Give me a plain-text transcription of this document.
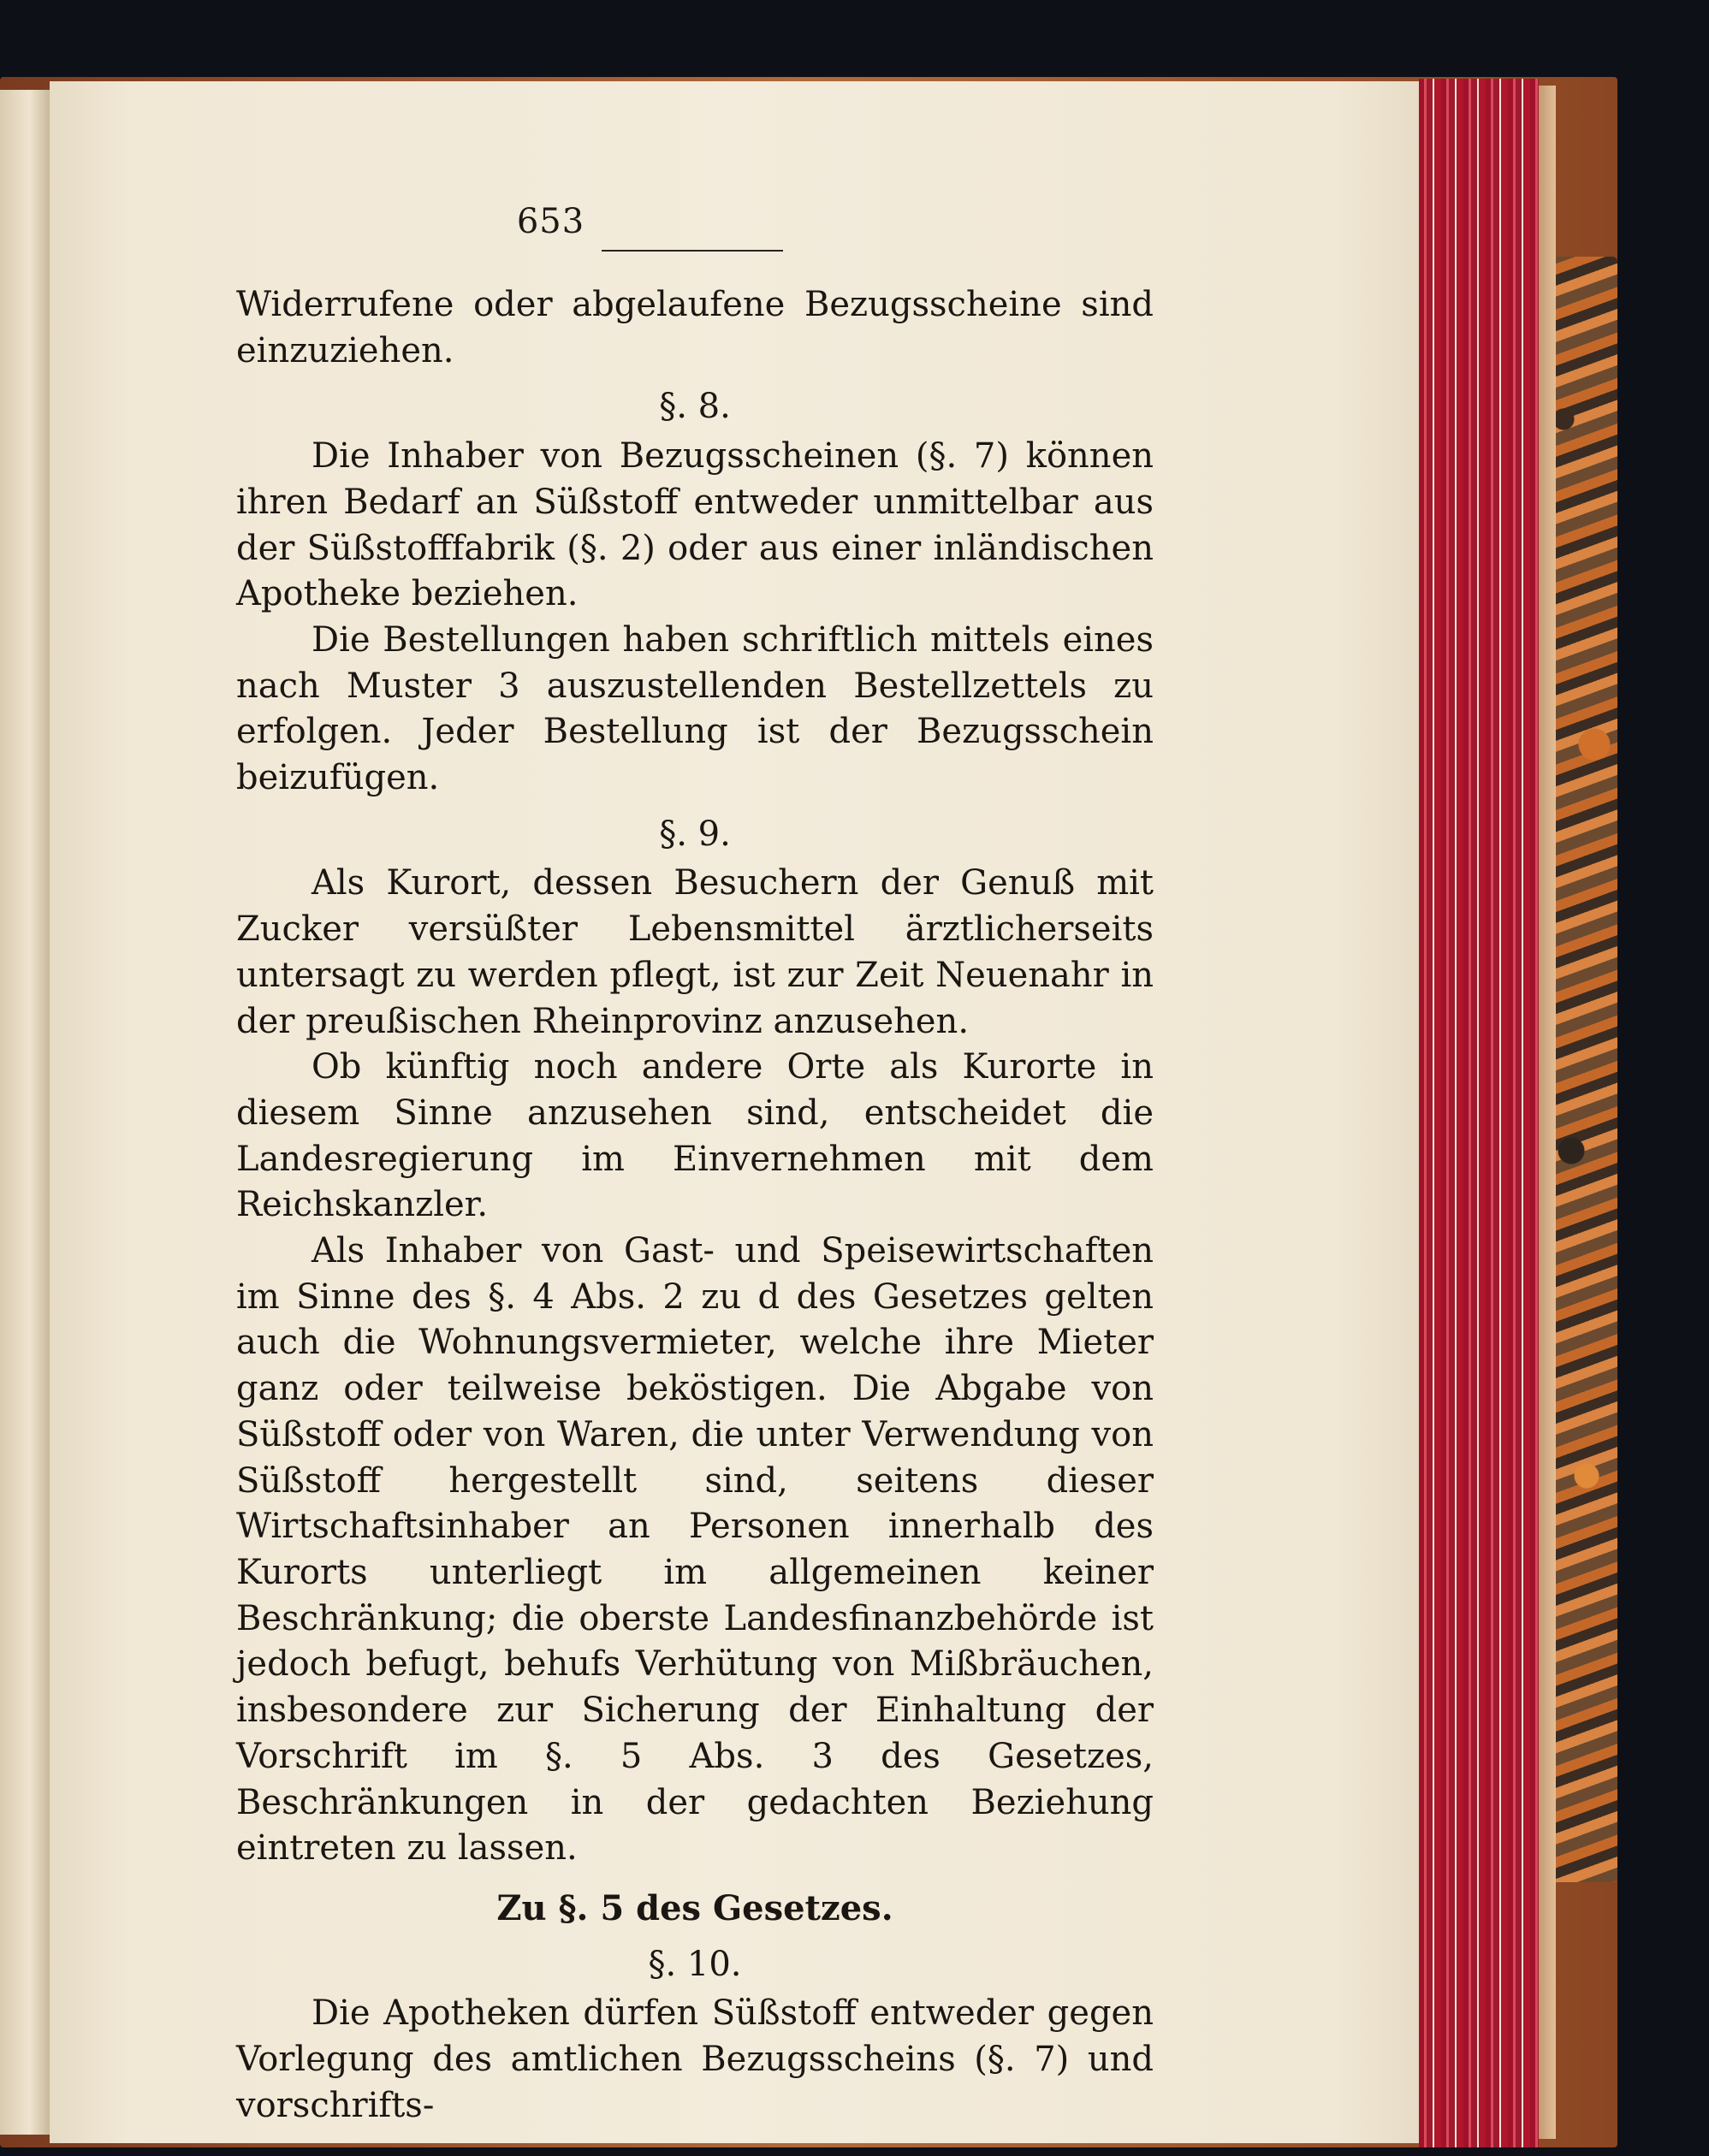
653

Widerrufene oder abgelaufene Bezugsscheine sind einzuziehen.

§. 8.

Die Inhaber von Bezugsscheinen (§. 7) können ihren Bedarf an Süßstoff entweder unmittelbar aus der Süßstofffabrik (§. 2) oder aus einer inländischen Apotheke beziehen.

Die Bestellungen haben schriftlich mittels eines nach Muster 3 auszustellenden Bestellzettels zu erfolgen. Jeder Bestellung ist der Bezugsschein beizufügen.

§. 9.

Als Kurort, dessen Besuchern der Genuß mit Zucker versüßter Lebensmittel ärztlicherseits untersagt zu werden pflegt, ist zur Zeit Neuenahr in der preußischen Rheinprovinz anzusehen.

Ob künftig noch andere Orte als Kurorte in diesem Sinne anzusehen sind, entscheidet die Landesregierung im Einvernehmen mit dem Reichskanzler.

Als Inhaber von Gast- und Speisewirtschaften im Sinne des §. 4 Abs. 2 zu d des Gesetzes gelten auch die Wohnungsvermieter, welche ihre Mieter ganz oder teilweise beköstigen. Die Abgabe von Süßstoff oder von Waren, die unter Verwendung von Süßstoff hergestellt sind, seitens dieser Wirtschaftsinhaber an Personen innerhalb des Kurorts unterliegt im allgemeinen keiner Beschränkung; die oberste Landesfinanzbehörde ist jedoch befugt, behufs Verhütung von Mißbräuchen, insbesondere zur Sicherung der Einhaltung der Vorschrift im §. 5 Abs. 3 des Gesetzes, Beschränkungen in der gedachten Beziehung eintreten zu lassen.

Zu §. 5 des Gesetzes.

§. 10.

Die Apotheken dürfen Süßstoff entweder gegen Vorlegung des amtlichen Bezugsscheins (§. 7) und vorschrifts-
